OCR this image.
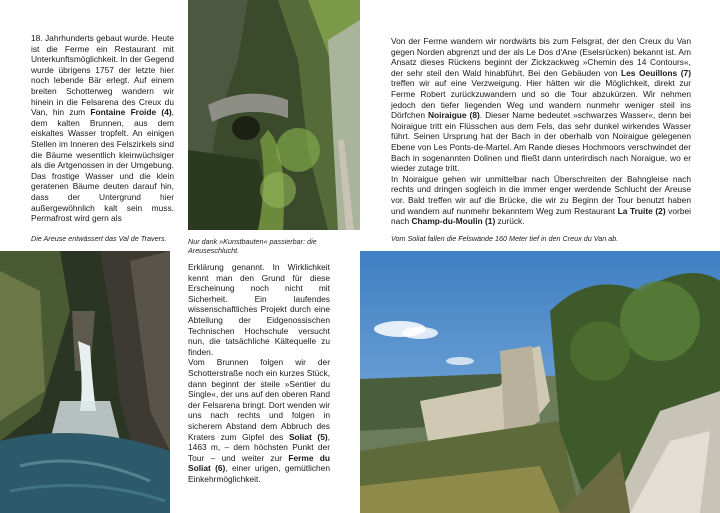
18. Jahrhunderts gebaut wurde. Heute ist die Ferme ein Restaurant mit Unterkunftsmöglichkeit. In der Gegend wurde übrigens 1757 der letzte hier noch lebende Bär erlegt. Auf einem breiten Schotterweg wandern wir hinein in die Felsarena des Creux du Van, hin zum Fontaine Froide (4), dem kalten Brunnen, aus dem eiskaltes Wasser tropfelt. An einigen Stellen im Inneren des Felszirkels sind die Bäume wesentlich kleinwüchsiger als die Artgenossen in der Umgebung. Das frostige Wasser und die klein geratenen Bäume deuten darauf hin, dass der Untergrund hier außergewöhnlich kalt sein muss. Permafrost wird gern als

Von der Ferme wandern wir nordwärts bis zum Felsgrat, der den Creux du Van gegen Norden abgrenzt und der als Le Dos d'Ane (Eselsrücken) bekannt ist. Am Ansatz dieses Rückens beginnt der Zickzackweg »Chemin des 14 Contours«, der sehr steil den Wald hinabführt. Bei den Gebäuden von Les Oeuillons (7) treffen wir auf eine Verzweigung. Hier hätten wir die Möglichkeit, direkt zur Ferme Robert zurückzuwandern und so die Tour abzukürzen. Wir nehmen jedoch den tiefer liegenden Weg und wandern nunmehr weniger steil ins Dörfchen Noiraigue (8). Dieser Name bedeutet »schwarzes Wasser«, denn bei Noiraigue tritt ein Flüsschen aus dem Fels, das sehr dunkel wirkendes Wasser führt. Seinen Ursprung hat der Bach in der oberhalb von Noiraigue gelegenen Ebene von Les Ponts-de-Martel. Am Rande dieses Hochmoors verschwindet der Bach in sogenannten Dolinen und fließt dann unterirdisch nach Noraigue, wo er wieder zutage tritt.
In Noiraigue gehen wir unmittelbar nach Überschreiten der Bahngleise nach rechts und dringen sogleich in die immer enger werdende Schlucht der Areuse vor. Bald treffen wir auf die Brücke, die wir zu Beginn der Tour benutzt haben und wandern auf nunmehr bekanntem Weg zum Restaurant La Truite (2) vorbei nach Champ-du-Moulin (1) zurück.

Die Areuse entwässert das Val de Travers.	Nur dank »Kunstbauten« passierbar: die Areuseschlucht.

Vom Soliat fallen die Felswände 160 Meter tief in den Creux du Van ab.

Erklärung genannt. In Wirklichkeit kennt man den Grund für diese Erscheinung noch nicht mit Sicherheit. Ein laufendes wissenschaftliches Projekt durch eine Abteilung der Eidgenossischen Technischen Hochschule versucht nun, die tatsächliche Kältequelle zu finden.
Vom Brunnen folgen wir der Schotterstraße noch ein kurzes Stück, dann beginnt der steile »Sentier du Single«, der uns auf den oberen Rand der Felsarena bringt. Dort wenden wir uns nach rechts und folgen in sicherem Abstand dem Abbruch des Kraters zum Gipfel des Soliat (5), 1463 m, – dem höchsten Punkt der Tour – und weiter zur Ferme du Soliat (6), einer urigen, gemütlichen Einkehrmöglichkeit.
